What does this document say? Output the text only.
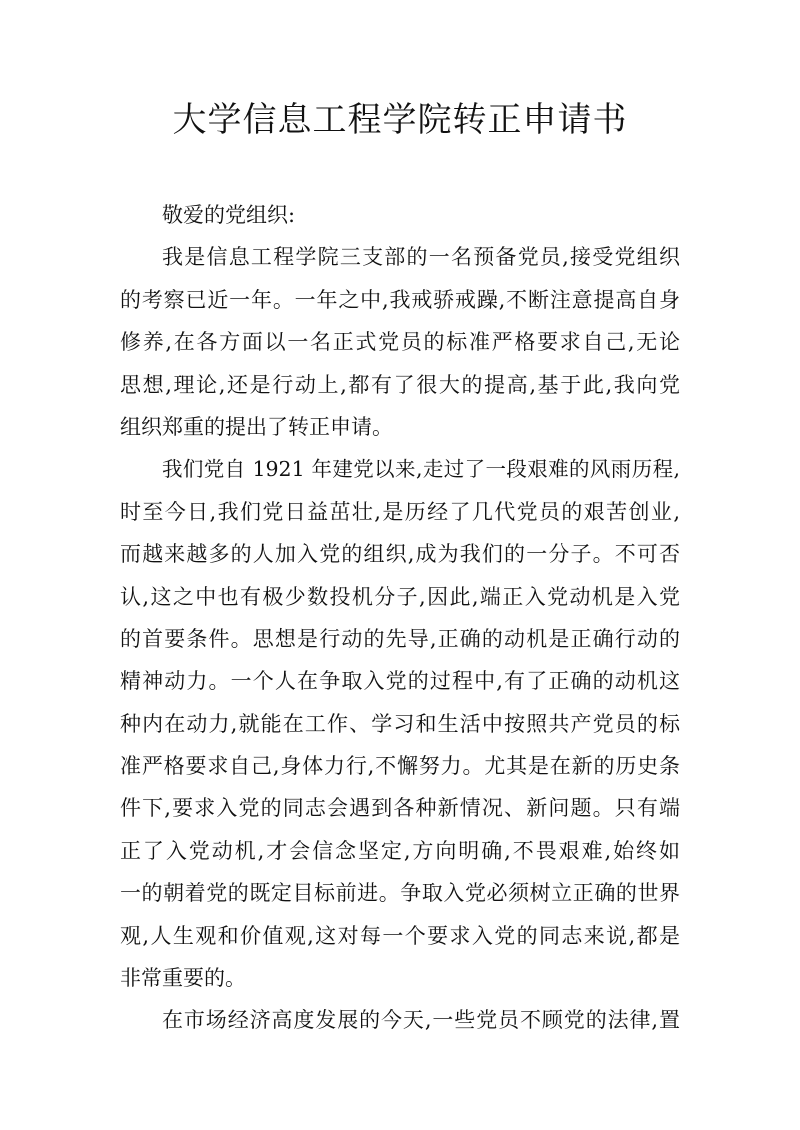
大学信息工程学院转正申请书
敬爱的党组织:
我是信息工程学院三支部的一名预备党员,接受党组织
的考察已近一年。一年之中,我戒骄戒躁,不断注意提高自身
修养,在各方面以一名正式党员的标准严格要求自己,无论
思想,理论,还是行动上,都有了很大的提高,基于此,我向党
组织郑重的提出了转正申请。
我们党自 1921 年建党以来,走过了一段艰难的风雨历程,
时至今日,我们党日益茁壮,是历经了几代党员的艰苦创业,
而越来越多的人加入党的组织,成为我们的一分子。不可否
认,这之中也有极少数投机分子,因此,端正入党动机是入党
的首要条件。思想是行动的先导,正确的动机是正确行动的
精神动力。一个人在争取入党的过程中,有了正确的动机这
种内在动力,就能在工作、学习和生活中按照共产党员的标
准严格要求自己,身体力行,不懈努力。尤其是在新的历史条
件下,要求入党的同志会遇到各种新情况、新问题。只有端
正了入党动机,才会信念坚定,方向明确,不畏艰难,始终如
一的朝着党的既定目标前进。争取入党必须树立正确的世界
观,人生观和价值观,这对每一个要求入党的同志来说,都是
非常重要的。
在市场经济高度发展的今天,一些党员不顾党的法律,置
